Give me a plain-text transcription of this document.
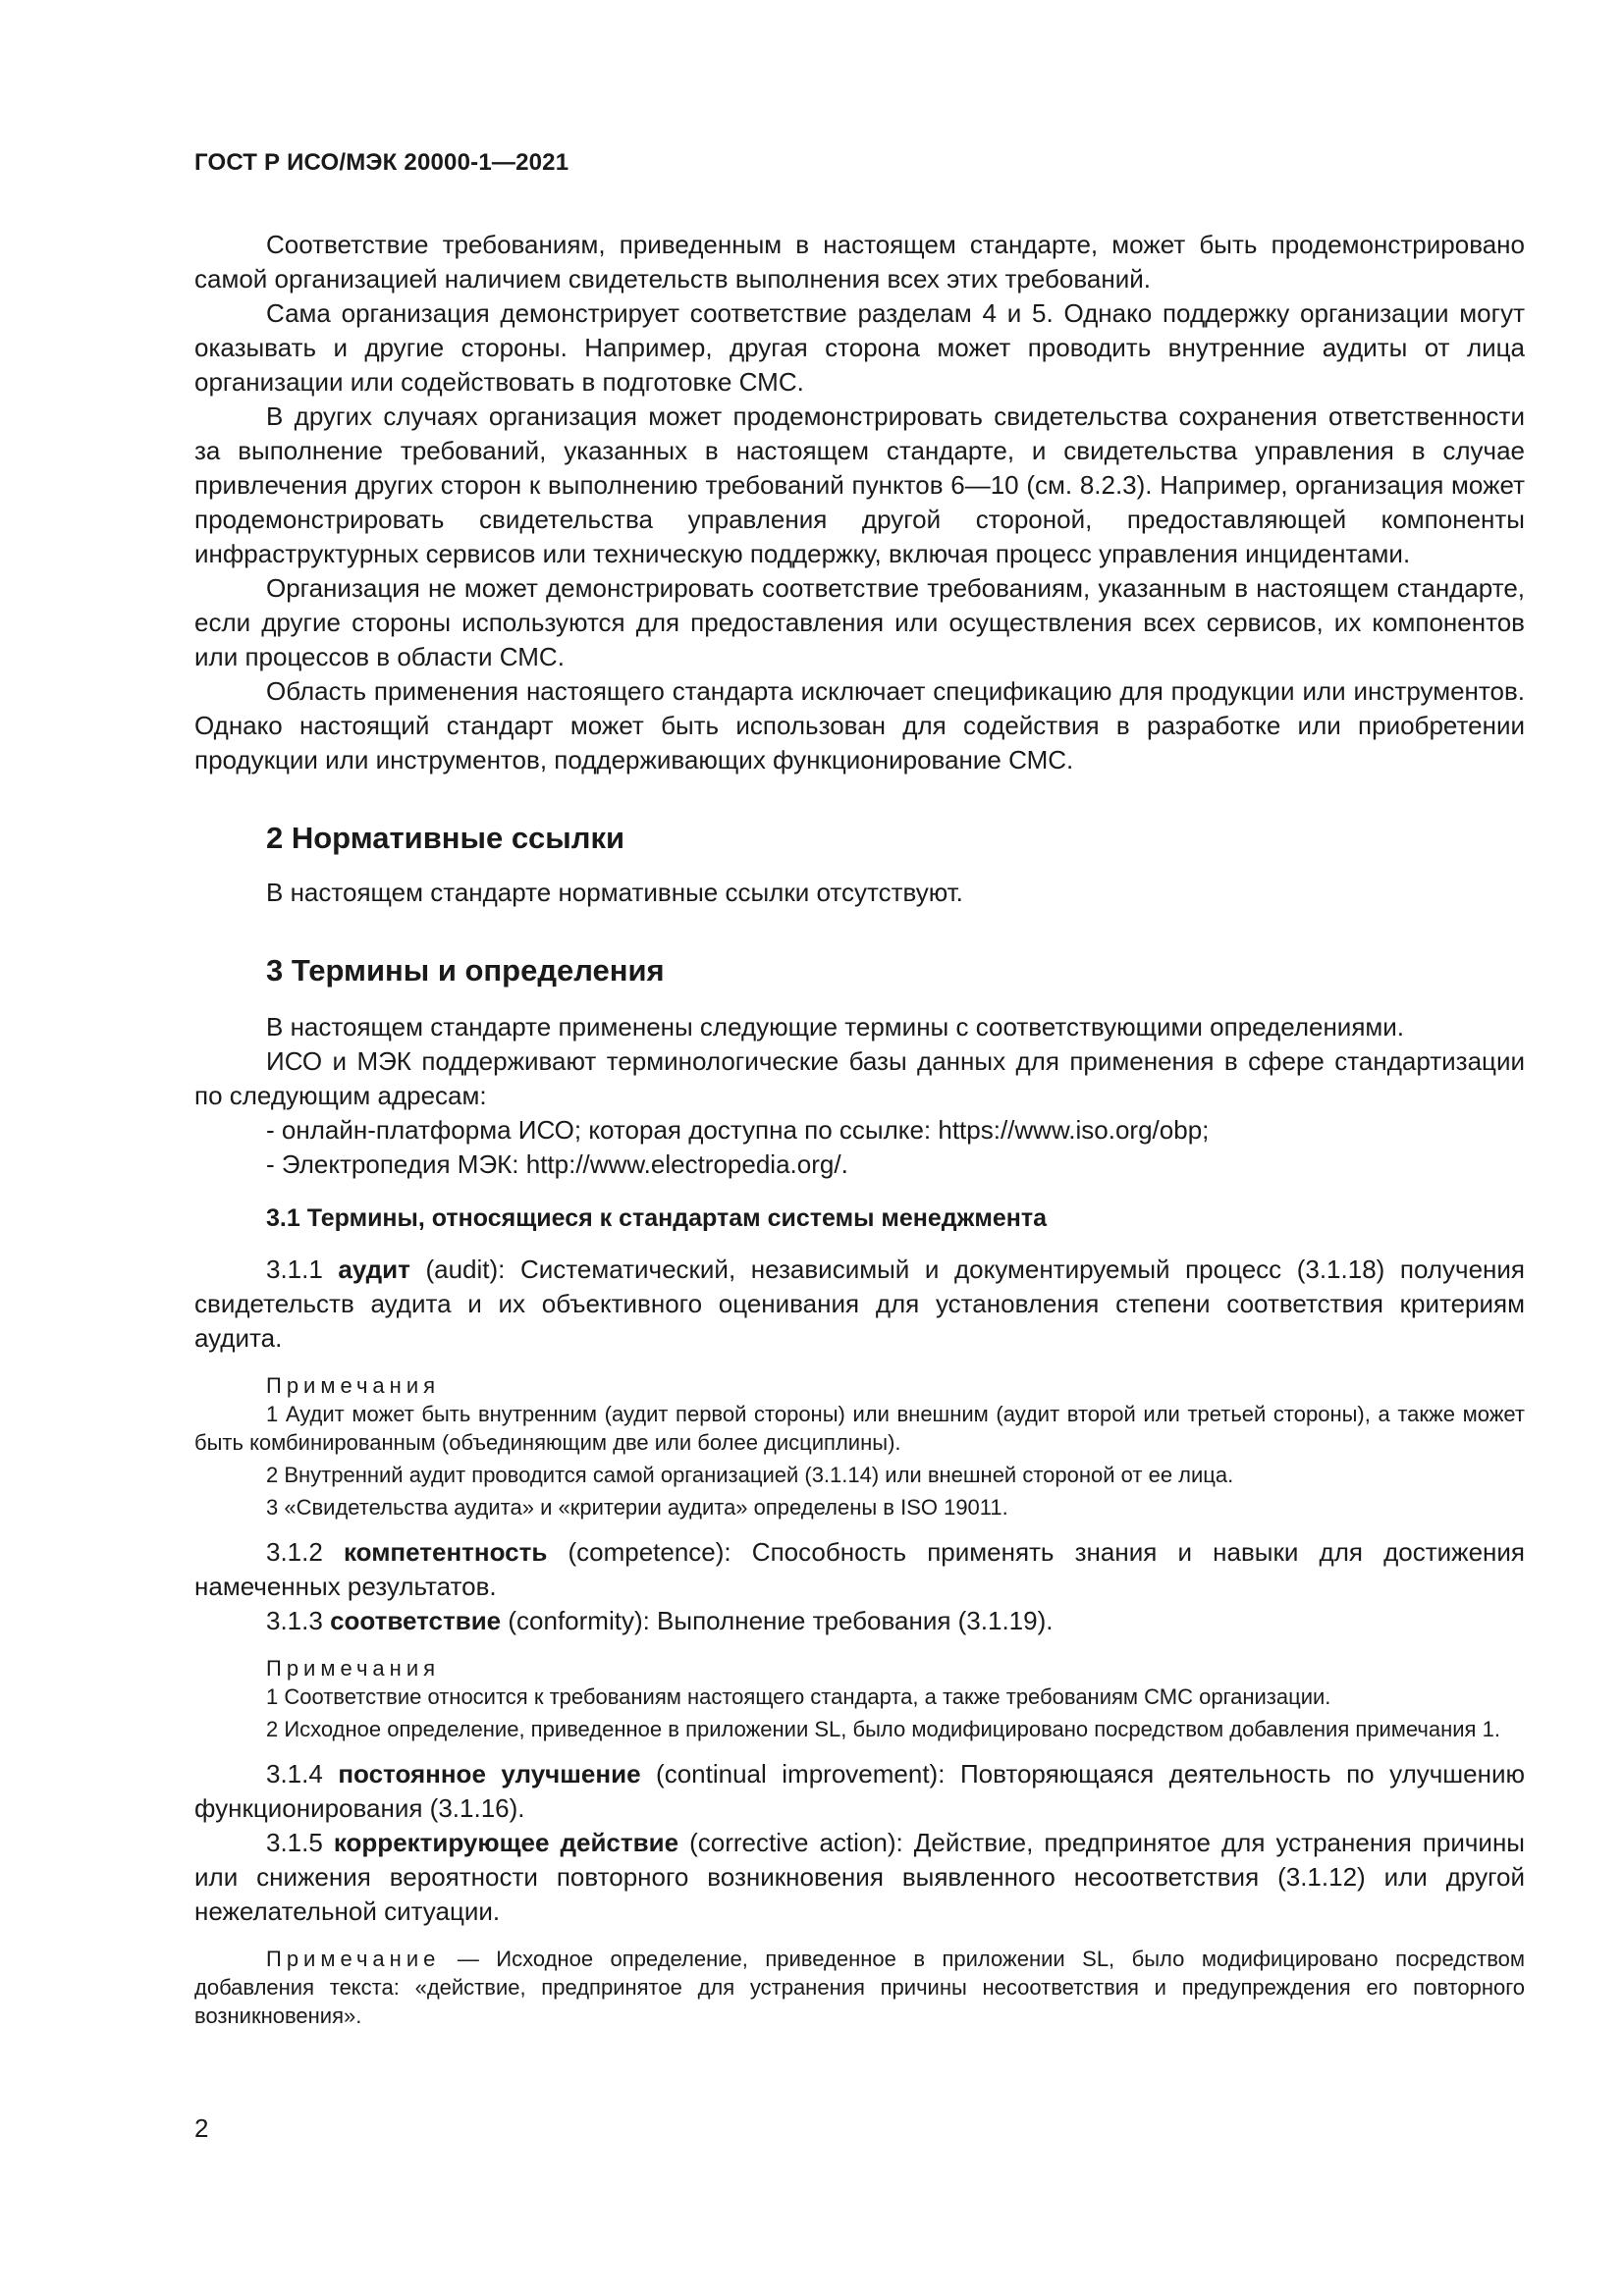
ГОСТ Р ИСО/МЭК 20000-1—2021

Соответствие требованиям, приведенным в настоящем стандарте, может быть продемонстрировано самой организацией наличием свидетельств выполнения всех этих требований.

Сама организация демонстрирует соответствие разделам 4 и 5. Однако поддержку организации могут оказывать и другие стороны. Например, другая сторона может проводить внутренние аудиты от лица организации или содействовать в подготовке СМС.

В других случаях организация может продемонстрировать свидетельства сохранения ответственности за выполнение требований, указанных в настоящем стандарте, и свидетельства управления в случае привлечения других сторон к выполнению требований пунктов 6—10 (см. 8.2.3). Например, организация может продемонстрировать свидетельства управления другой стороной, предоставляющей компоненты инфраструктурных сервисов или техническую поддержку, включая процесс управления инцидентами.

Организация не может демонстрировать соответствие требованиям, указанным в настоящем стандарте, если другие стороны используются для предоставления или осуществления всех сервисов, их компонентов или процессов в области СМС.

Область применения настоящего стандарта исключает спецификацию для продукции или инструментов. Однако настоящий стандарт может быть использован для содействия в разработке или приобретении продукции или инструментов, поддерживающих функционирование СМС.

2 Нормативные ссылки

В настоящем стандарте нормативные ссылки отсутствуют.

3 Термины и определения

В настоящем стандарте применены следующие термины с соответствующими определениями.

ИСО и МЭК поддерживают терминологические базы данных для применения в сфере стандартизации по следующим адресам:

- онлайн-платформа ИСО; которая доступна по ссылке: https://www.iso.org/obp;

- Электропедия МЭК: http://www.electropedia.org/.

3.1 Термины, относящиеся к стандартам системы менеджмента

3.1.1 аудит (audit): Систематический, независимый и документируемый процесс (3.1.18) получения свидетельств аудита и их объективного оценивания для установления степени соответствия критериям аудита.

Примечания

1 Аудит может быть внутренним (аудит первой стороны) или внешним (аудит второй или третьей стороны), а также может быть комбинированным (объединяющим две или более дисциплины).

2 Внутренний аудит проводится самой организацией (3.1.14) или внешней стороной от ее лица.

3 «Свидетельства аудита» и «критерии аудита» определены в ISO 19011.

3.1.2 компетентность (competence): Способность применять знания и навыки для достижения намеченных результатов.

3.1.3 соответствие (conformity): Выполнение требования (3.1.19).

Примечания

1 Соответствие относится к требованиям настоящего стандарта, а также требованиям СМС организации.

2 Исходное определение, приведенное в приложении SL, было модифицировано посредством добавления примечания 1.

3.1.4 постоянное улучшение (continual improvement): Повторяющаяся деятельность по улучшению функционирования (3.1.16).

3.1.5 корректирующее действие (corrective action): Действие, предпринятое для устранения причины или снижения вероятности повторного возникновения выявленного несоответствия (3.1.12) или другой нежелательной ситуации.

Примечание — Исходное определение, приведенное в приложении SL, было модифицировано посредством добавления текста: «действие, предпринятое для устранения причины несоответствия и предупреждения его повторного возникновения».

2
